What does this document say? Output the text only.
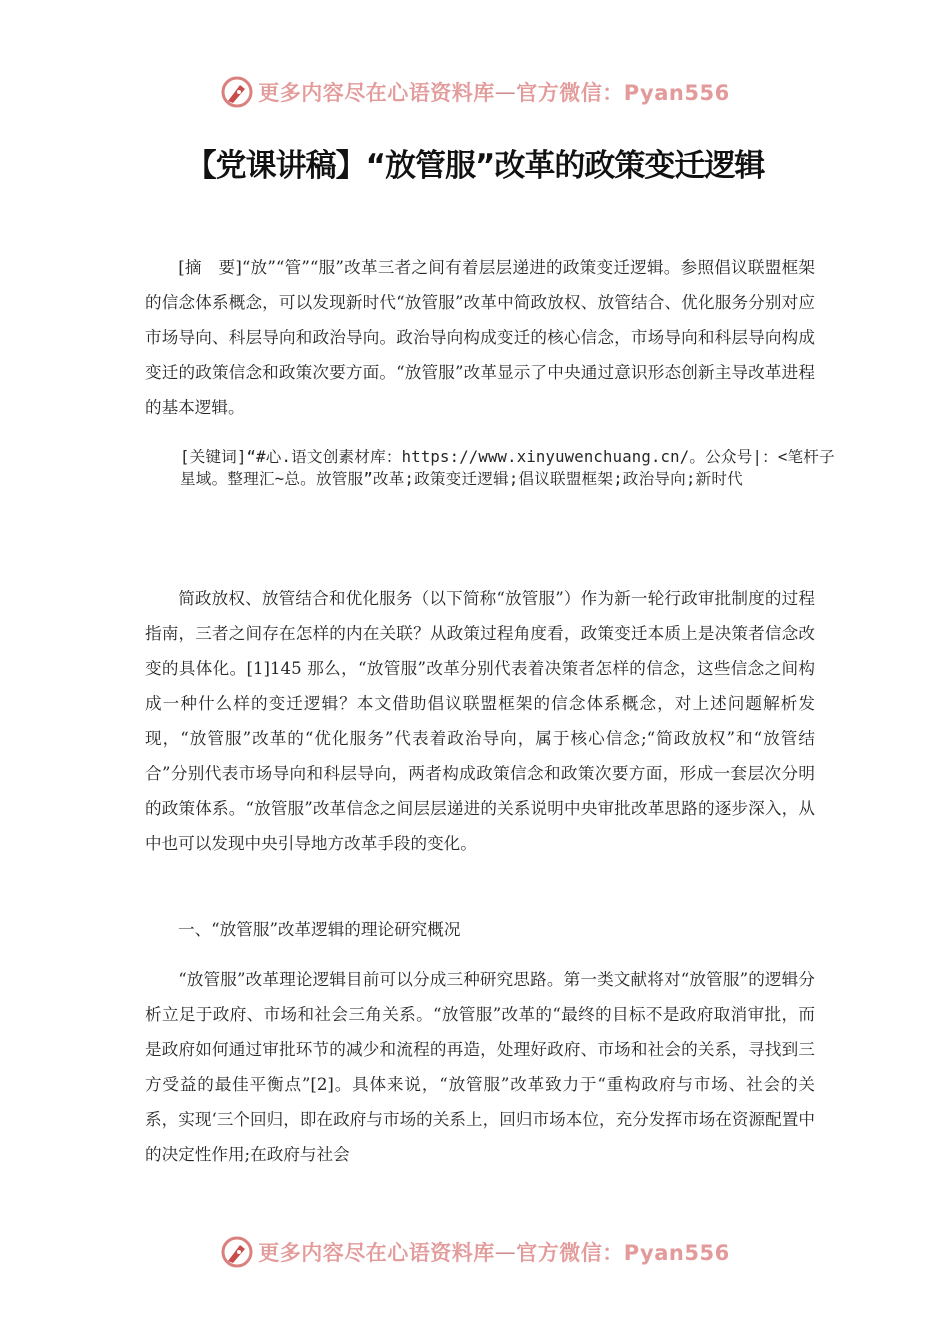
更多内容尽在心语资料库 — 官方微信：Pyan556
【党课讲稿】“放管服”改革的政策变迁逻辑

[摘　要]“放”“管”“服”改革三者之间有着层层递进的政策变迁逻辑。参照倡议联盟框架的信念体系概念，可以发现新时代“放管服”改革中简政放权、放管结合、优化服务分别对应市场导向、科层导向和政治导向。政治导向构成变迁的核心信念，市场导向和科层导向构成变迁的政策信念和政策次要方面。“放管服”改革显示了中央通过意识形态创新主导改革进程的基本逻辑。

[关键词]“#心.语文创素材库：https://www.xinyuwenchuang.cn/。公众号|：<笔杆子星域。整理汇~总。放管服”改革;政策变迁逻辑;倡议联盟框架;政治导向;新时代

简政放权、放管结合和优化服务（以下简称“放管服”）作为新一轮行政审批制度的过程指南，三者之间存在怎样的内在关联？从政策过程角度看，政策变迁本质上是决策者信念改变的具体化。[1]145 那么，“放管服”改革分别代表着决策者怎样的信念，这些信念之间构成一种什么样的变迁逻辑？本文借助倡议联盟框架的信念体系概念，对上述问题解析发现，“放管服”改革的“优化服务”代表着政治导向，属于核心信念;“简政放权”和“放管结合”分别代表市场导向和科层导向，两者构成政策信念和政策次要方面，形成一套层次分明的政策体系。“放管服”改革信念之间层层递进的关系说明中央审批改革思路的逐步深入，从中也可以发现中央引导地方改革手段的变化。

一、“放管服”改革逻辑的理论研究概况

“放管服”改革理论逻辑目前可以分成三种研究思路。第一类文献将对“放管服”的逻辑分析立足于政府、市场和社会三角关系。“放管服”改革的“最终的目标不是政府取消审批，而是政府如何通过审批环节的减少和流程的再造，处理好政府、市场和社会的关系，寻找到三方受益的最佳平衡点”[2]。具体来说，“放管服”改革致力于“重构政府与市场、社会的关系，实现‘三个回归，即在政府与市场的关系上，回归市场本位，充分发挥市场在资源配置中的决定性作用;在政府与社会

更多内容尽在心语资料库 — 官方微信：Pyan556
